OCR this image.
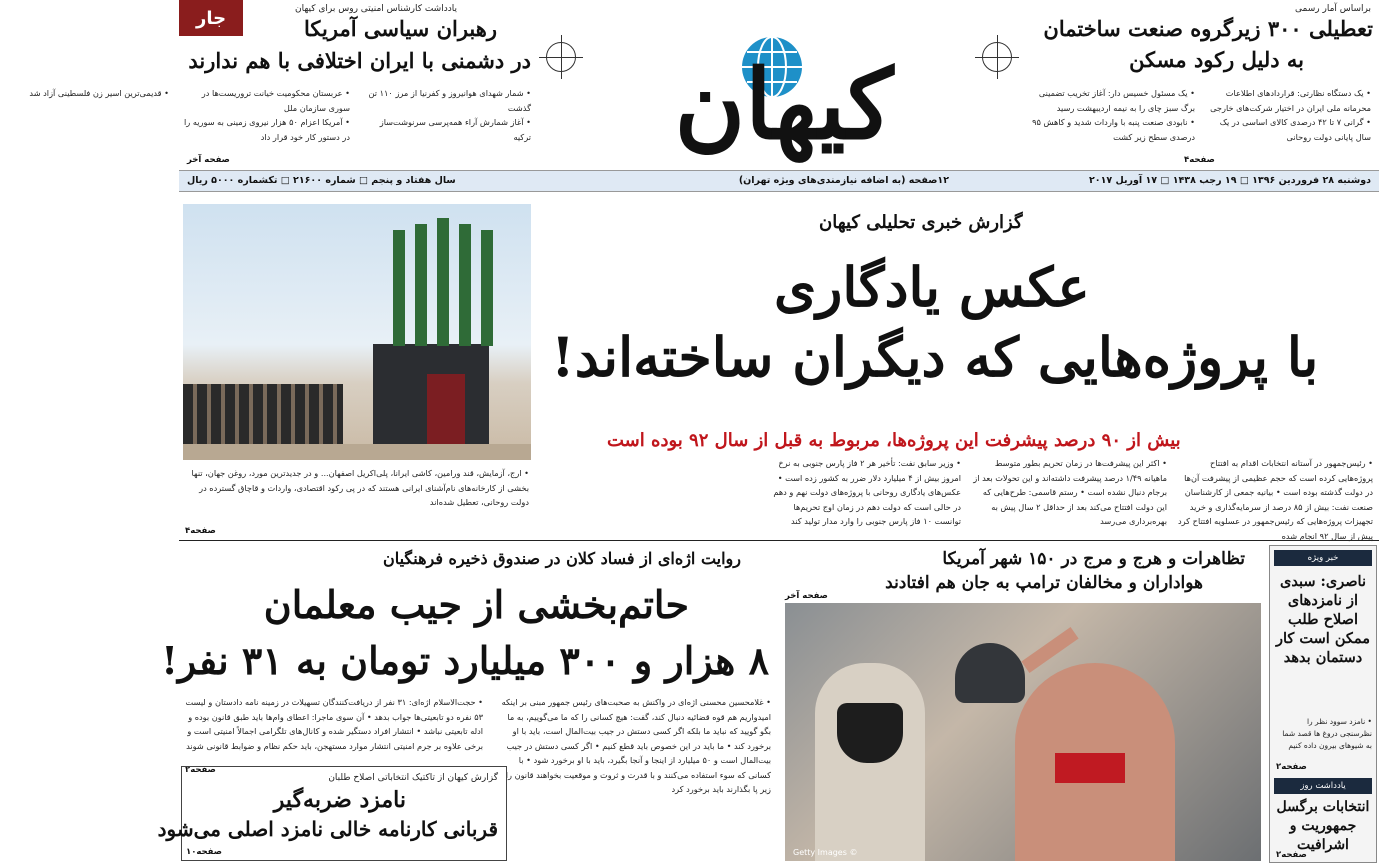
جار	براساس آمار رسمی
تعطیلی ۳۰۰ زیرگروه صنعت ساختمان
به دلیل رکود مسکن
• یک دستگاه نظارتی: قراردادهای اطلاعات محرمانه ملی ایران در اختیار شرکت‌های خارجی
• گرانی ۷ تا ۴۲ درصدی کالای اساسی در یک سال پایانی دولت روحانی
• یک مسئول خسیس دار: آغاز تخریب تضمینی برگ سبز چای را به نیمه اردیبهشت رسید
• نابودی صنعت پنبه با واردات شدید و کاهش ۹۵ درصدی سطح زیر کشت
صفحه۴
کیهان
یادداشت کارشناس امنیتی روس برای کیهان
رهبران سیاسی آمریکا
در دشمنی با ایران اختلافی با هم ندارند
• شمار شهدای هوانیروز و کفرنیا از مرز ۱۱۰ تن گذشت
• آغاز شمارش آراء همه‌پرسی سرنوشت‌ساز ترکیه
• عربستان محکومیت خیانت تروریست‌ها در سوری سازمان ملل
• آمریکا اعزام ۵۰ هزار نیروی زمینی به سوریه را در دستور کار خود قرار داد
• قدیمی‌ترین اسیر زن فلسطینی آزاد شد
صفحه آخر
دوشنبه ۲۸ فروردین ۱۳۹۶ □ ۱۹ رجب ۱۴۳۸ □ ۱۷ آوریل ۲۰۱۷
۱۲صفحه (به اضافه نیازمندی‌های ویژه تهران)
سال هفتاد و پنجم □ شماره ۲۱۶۰۰ □ تکشماره ۵۰۰۰ ریال
گزارش خبری تحلیلی کیهان
عکس یادگاری
با پروژه‌هایی که دیگران ساخته‌اند!
بیش از ۹۰ درصد پیشرفت این پروژه‌ها، مربوط به قبل از سال ۹۲ بوده است
• رئیس‌جمهور در آستانه انتخابات اقدام به افتتاح پروژه‌هایی کرده است که حجم عظیمی از پیشرفت آن‌ها در دولت گذشته بوده است • بیانیه جمعی از کارشناسان صنعت نفت: بیش از ۸۵ درصد از سرمایه‌گذاری و خرید تجهیزات پروژه‌هایی که رئیس‌جمهور در عسلویه افتتاح کرد پیش از سال ۹۲ انجام شده
• اکثر این پیشرفت‌ها در زمان تحریم بطور متوسط ماهیانه ۱/۴۹ درصد پیشرفت داشته‌اند و این تحولات بعد از برجام دنبال نشده است • رستم قاسمی: طرح‌هایی که این دولت افتتاح می‌کند بعد از حداقل ۲ سال پیش به بهره‌برداری می‌رسد
• وزیر سابق نفت: تأخیر هر ۲ فاز پارس جنوبی به نرخ امروز بیش از ۴ میلیارد دلار ضرر به کشور زده است • عکس‌های یادگاری روحانی با پروژه‌های دولت نهم و دهم در حالی است که دولت دهم در زمان اوج تحریم‌ها توانست ۱۰ فاز پارس جنوبی را وارد مدار تولید کند
• ارج، آزمایش، قند ورامین، کاشی ایرانا، پلی‌اکریل اصفهان... و در جدیدترین مورد، روغن جهان، تنها بخشی از کارخانه‌های نام‌آشنای ایرانی هستند که در پی رکود اقتصادی، واردات و قاچاق گسترده در دولت روحانی، تعطیل شده‌اند
صفحه۴
خبر ویژه
ناصری: سبدی از نامزدهای اصلاح طلب ممکن است کار دستمان بدهد
• نامزد سوود نظر را نظرسنجی دروغ ها قصد شما به شیوهای بیرون داده کنیم
صفحه۲
یادداشت روز
انتخابات برگسل جمهوریت و اشرافیت
صفحه۲
تظاهرات و هرج و مرج در ۱۵۰ شهر آمریکا
هواداران و مخالفان ترامپ به جان هم افتادند
صفحه آخر
© Getty Images
روایت اژه‌ای از فساد کلان در صندوق ذخیره فرهنگیان
حاتم‌بخشی از جیب معلمان
۸ هزار و ۳۰۰ میلیارد تومان به ۳۱ نفر!
• غلامحسین محسنی اژه‌ای در واکنش به صحبت‌های رئیس جمهور مبنی بر اینکه امیدواریم هم قوه قضائیه دنبال کند، گفت: هیچ کسانی را که ما می‌گوییم، به ما بگو گویید که نباید ما بلکه اگر کسی دستش در جیب بیت‌المال است، باید با او برخورد کند • ما باید در این خصوص باید قطع کنیم • اگر کسی دستش در جیب بیت‌المال است و ۵۰ میلیارد از اینجا و آنجا بگیرد، باید با او برخورد شود • با کسانی که سوء استفاده می‌کنند و با قدرت و ثروت و موقعیت بخواهند قانون را زیر پا بگذارند باید برخورد کرد
• حجت‌الاسلام اژه‌ای: ۳۱ نفر از دریافت‌کنندگان تسهیلات در زمینه نامه دادستان و لیست ۵۳ نفره دو تابعیتی‌ها جواب بدهد • آن سوی ماجرا: اعطای وام‌ها باید طبق قانون بوده و ادله تابعیتی نباشد • انتشار افراد دستگیر شده و کانال‌های تلگرامی اجمالاً امنیتی است و برخی علاوه بر جرم امنیتی انتشار موارد مستهجن، باید حکم نظام و ضوابط قانونی شوند
صفحه۲
گزارش کیهان از تاکتیک انتخاباتی اصلاح طلبان
نامزد ضربه‌گیر
قربانی کارنامه خالی نامزد اصلی می‌شود
صفحه۱۰
